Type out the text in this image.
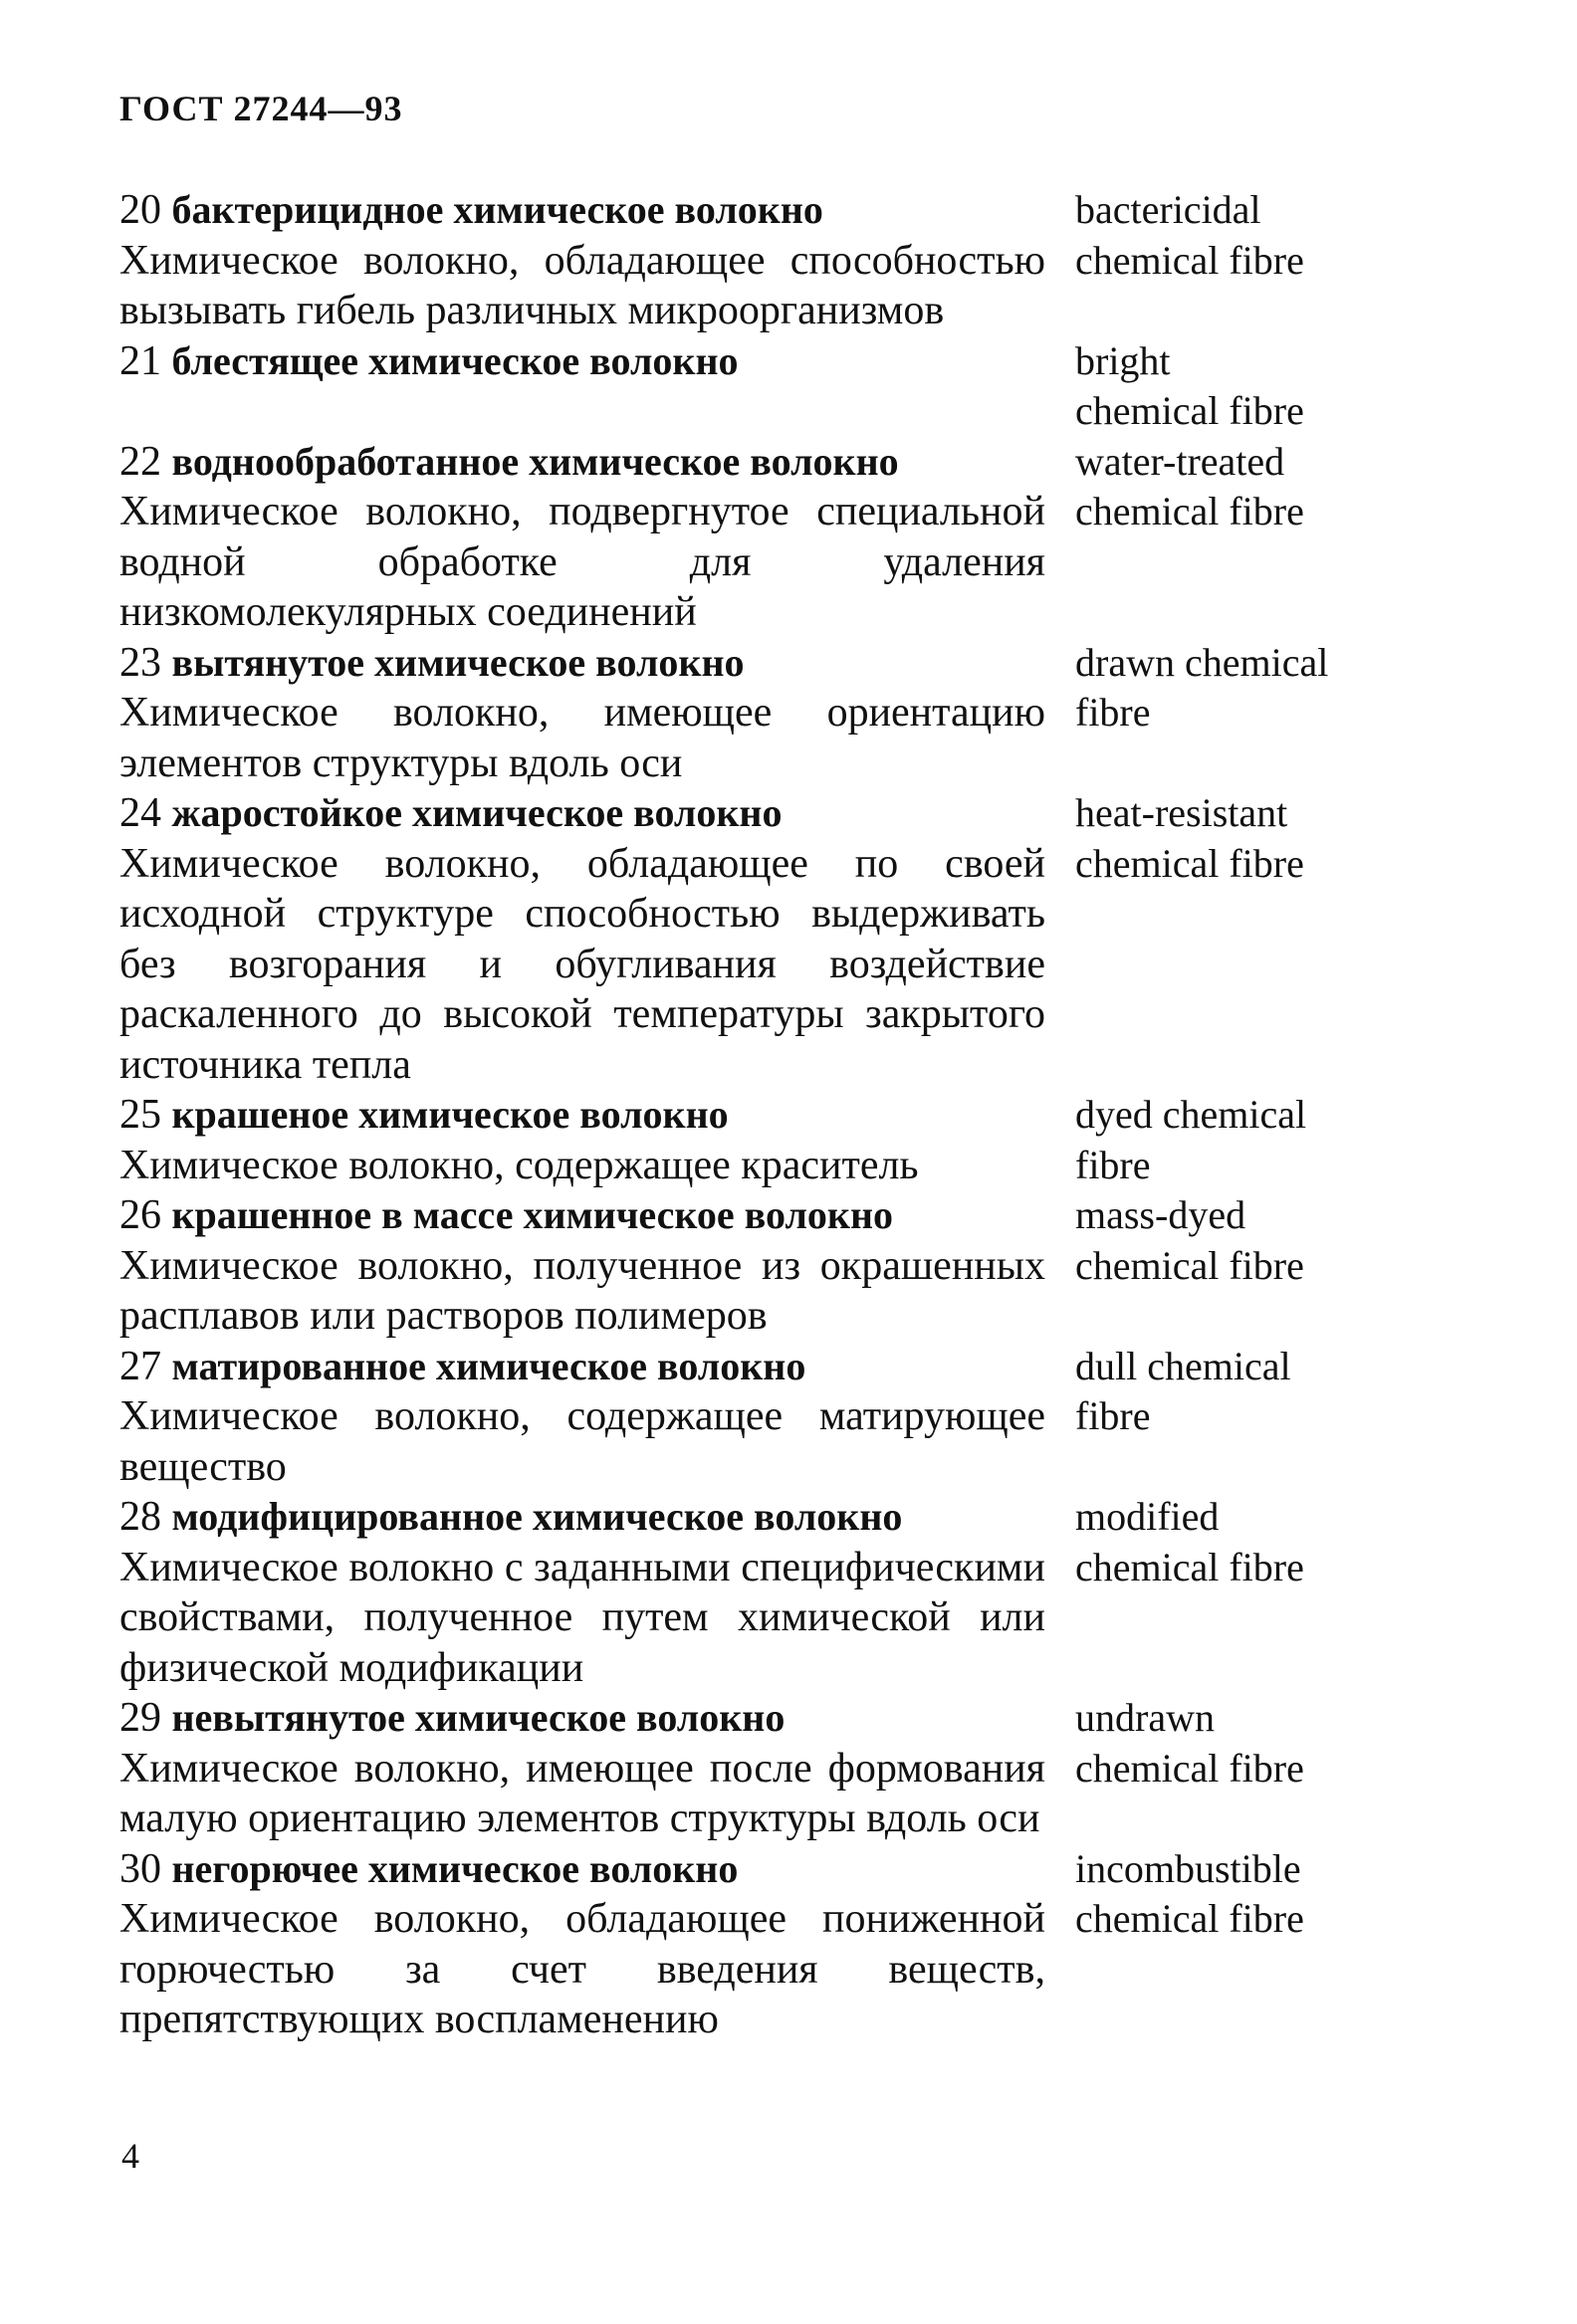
ГОСТ 27244—93
20 бактерицидное химическое волокно
Химическое волокно, обладающее способностью вызывать гибель различных микроорганизмов
bactericidal
chemical fibre
21 блестящее химическое волокно	bright
chemical fibre
22 воднообработанное химическое волокно
Химическое волокно, подвергнутое специальной водной обработке для удаления низкомолекулярных соединений
water-treated
chemical fibre
23 вытянутое химическое волокно
Химическое волокно, имеющее ориентацию элементов структуры вдоль оси
drawn chemical
fibre
24 жаростойкое химическое волокно
Химическое волокно, обладающее по своей исходной структуре способностью выдерживать без возгорания и обугливания воздействие раскаленного до высокой температуры закрытого источника тепла
heat-resistant
chemical fibre
25 крашеное химическое волокно
Химическое волокно, содержащее краситель
dyed chemical
fibre
26 крашенное в массе химическое волокно
Химическое волокно, полученное из окрашенных расплавов или растворов полимеров
mass-dyed
chemical fibre
27 матированное химическое волокно
Химическое волокно, содержащее матирующее вещество
dull chemical
fibre
28 модифицированное химическое волокно
Химическое волокно с заданными специфическими свойствами, полученное путем химической или физической модификации
modified
chemical fibre
29 невытянутое химическое волокно
Химическое волокно, имеющее после формования малую ориентацию элементов структуры вдоль оси
undrawn
chemical fibre
30 негорючее химическое волокно
Химическое волокно, обладающее пониженной горючестью за счет введения веществ, препятствующих воспламенению
incombustible
chemical fibre
4
